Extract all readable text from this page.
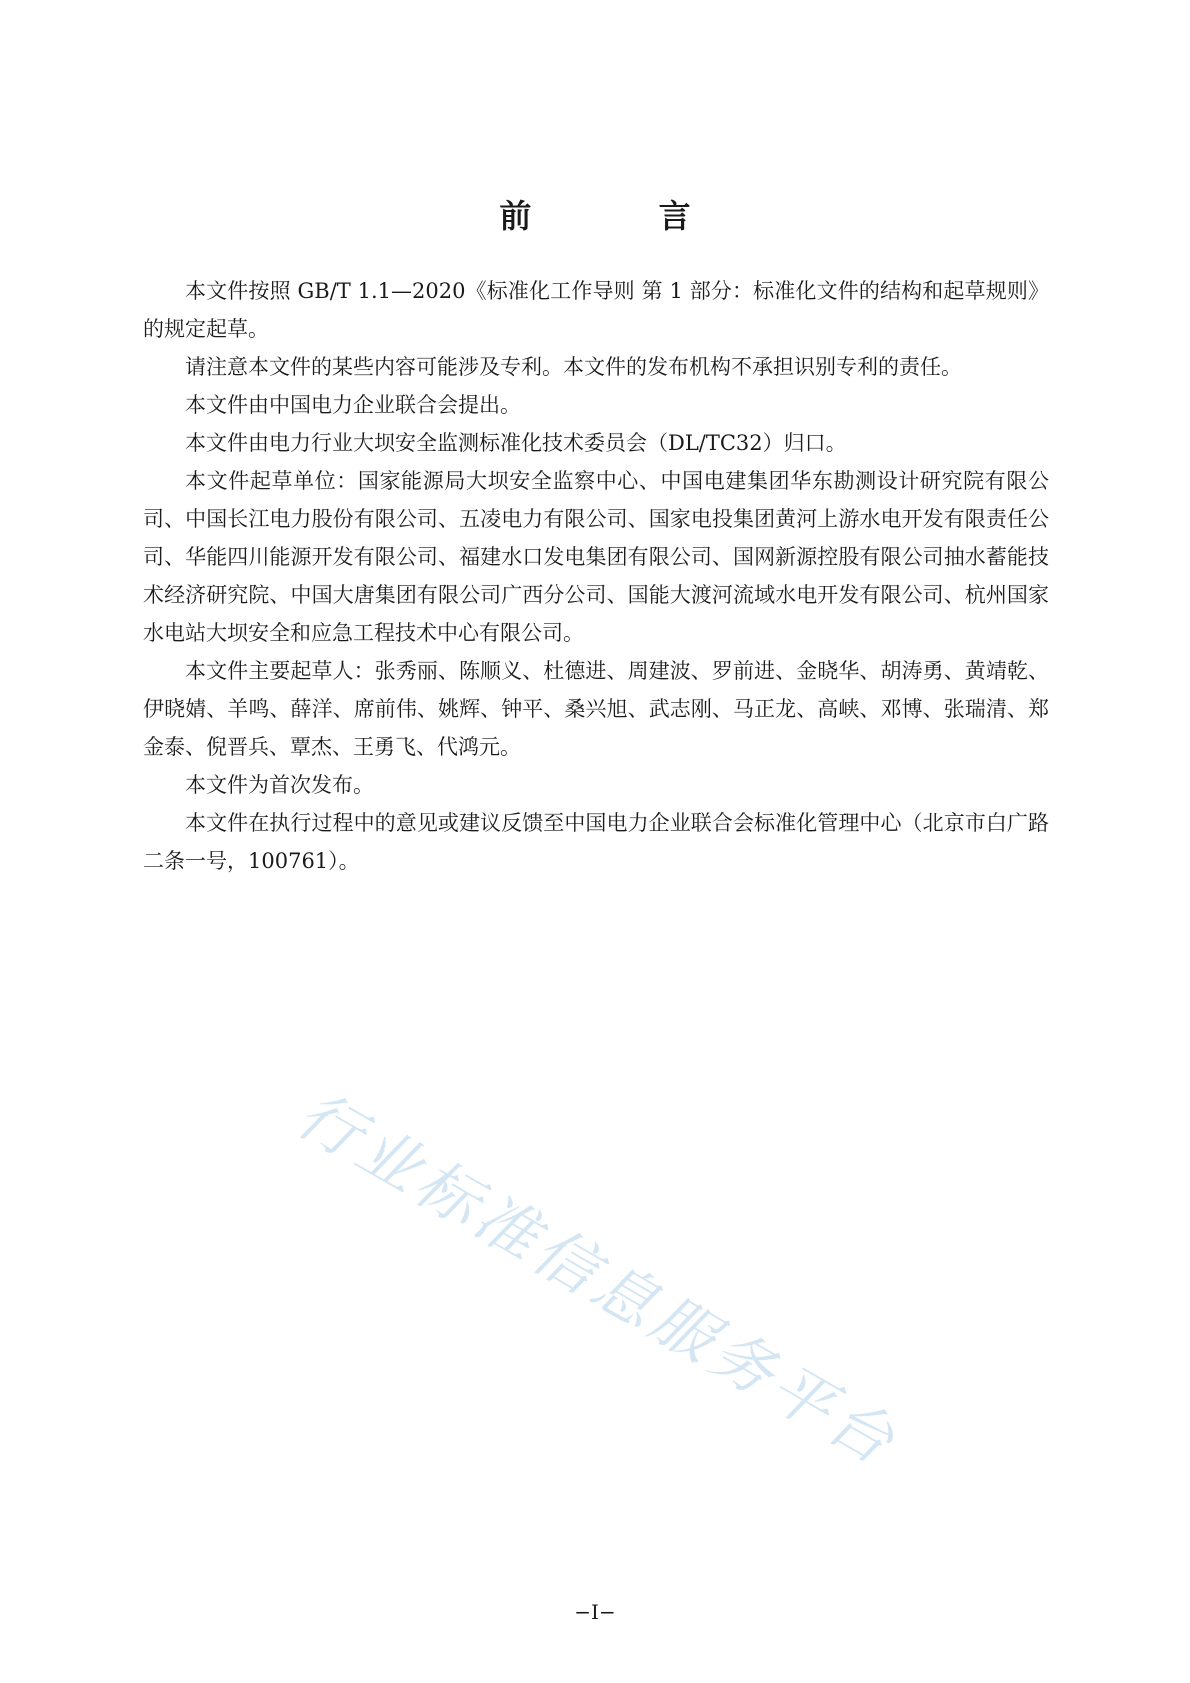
前 言

本文件按照 GB/T 1.1—2020《标准化工作导则 第 1 部分：标准化文件的结构和起草规则》的规定起草。

请注意本文件的某些内容可能涉及专利。本文件的发布机构不承担识别专利的责任。

本文件由中国电力企业联合会提出。

本文件由电力行业大坝安全监测标准化技术委员会（DL/TC32）归口。

本文件起草单位：国家能源局大坝安全监察中心、中国电建集团华东勘测设计研究院有限公司、中国长江电力股份有限公司、五凌电力有限公司、国家电投集团黄河上游水电开发有限责任公司、华能四川能源开发有限公司、福建水口发电集团有限公司、国网新源控股有限公司抽水蓄能技术经济研究院、中国大唐集团有限公司广西分公司、国能大渡河流域水电开发有限公司、杭州国家水电站大坝安全和应急工程技术中心有限公司。

本文件主要起草人：张秀丽、陈顺义、杜德进、周建波、罗前进、金晓华、胡涛勇、黄靖乾、伊晓婧、羊鸣、薛洋、席前伟、姚辉、钟平、桑兴旭、武志刚、马正龙、高峡、邓博、张瑞清、郑金泰、倪晋兵、覃杰、王勇飞、代鸿元。

本文件为首次发布。

本文件在执行过程中的意见或建议反馈至中国电力企业联合会标准化管理中心（北京市白广路二条一号，100761）。

行业标准信息服务平台
−I−
